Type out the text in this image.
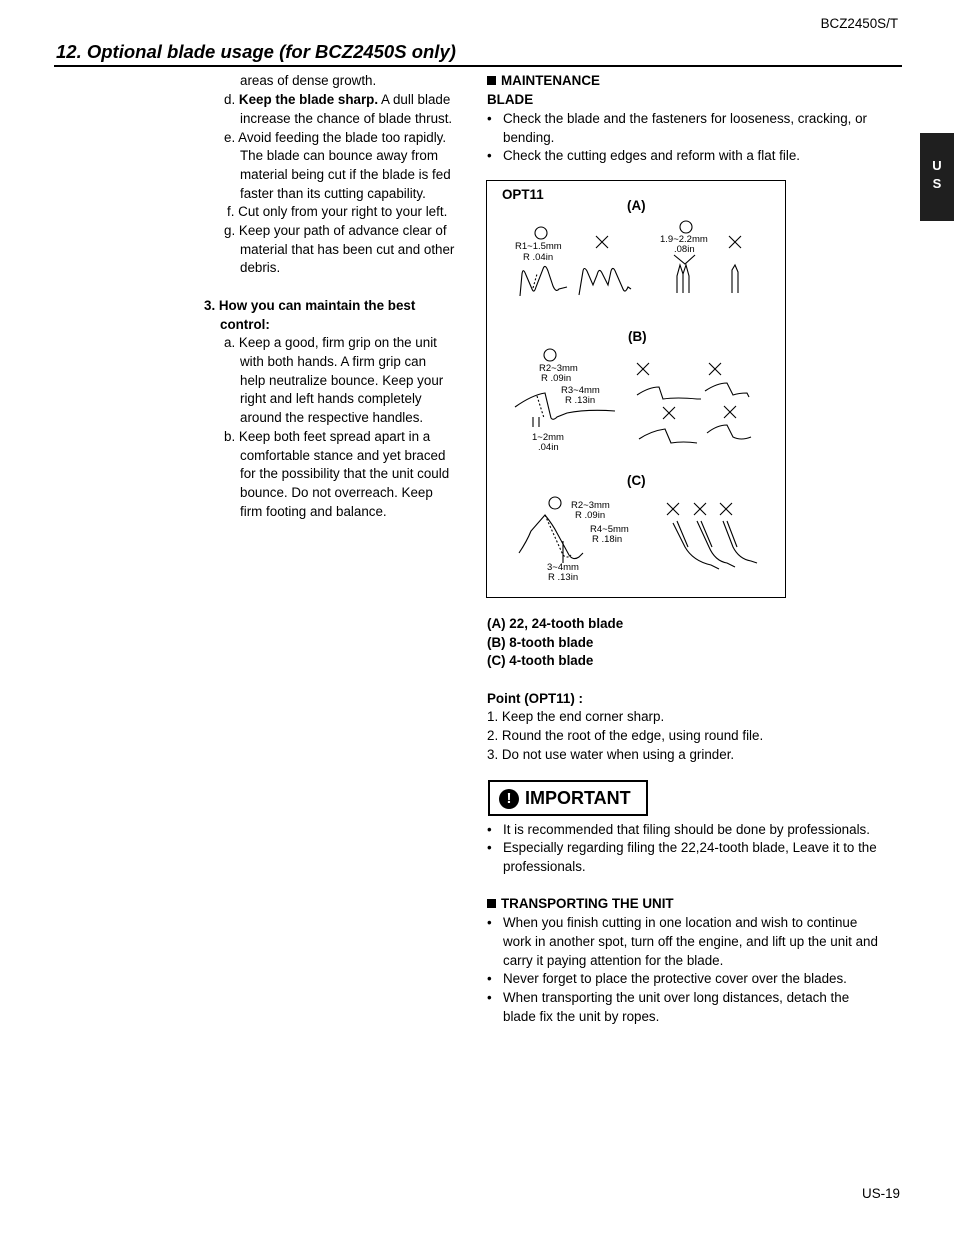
BCZ2450S/T
12. Optional blade usage (for BCZ2450S only)
U
S
areas of dense growth.
d. Keep the blade sharp. A dull blade
increase the chance of blade thrust.
e. Avoid feeding the blade too rapidly.
The blade can bounce away from
material being cut if the blade is fed
faster than its cutting capability.
f. Cut only from your right to your left.
g. Keep your path of advance clear of
material that has been cut and other
debris.
3. How you can maintain the best
control:
a. Keep a good, firm grip on the unit
with both hands. A firm grip can
help neutralize bounce. Keep your
right and left hands completely
around the respective handles.
b. Keep both feet spread apart in a
comfortable stance and yet braced
for the possibility that the unit could
bounce. Do not overreach. Keep
firm footing and balance.
MAINTENANCE
BLADE
• Check the blade and the fasteners for looseness, cracking, or
bending.
• Check the cutting edges and reform with a flat file.
OPT11
(A)
R1~1.5mm
R .04in
1.9~2.2mm
.08in
(B)
R2~3mm
R .09in
R3~4mm
R .13in
1~2mm
.04in
(C)
R2~3mm
R .09in
R4~5mm
R .18in
3~4mm
R .13in
(A) 22, 24-tooth blade
(B) 8-tooth blade
(C) 4-tooth blade
Point (OPT11) :
1. Keep the end corner sharp.
2. Round the root of the edge, using round file.
3. Do not use water when using a grinder.
! IMPORTANT
• It is recommended that filing should be done by professionals.
• Especially regarding filing the 22,24-tooth blade, Leave it to the
professionals.
TRANSPORTING THE UNIT
• When you finish cutting in one location and wish to continue
work in another spot, turn off the engine, and lift up the unit and
carry it paying attention for the blade.
• Never forget to place the protective cover over the blades.
• When transporting the unit over long distances, detach the
blade fix the unit by ropes.
US-19
